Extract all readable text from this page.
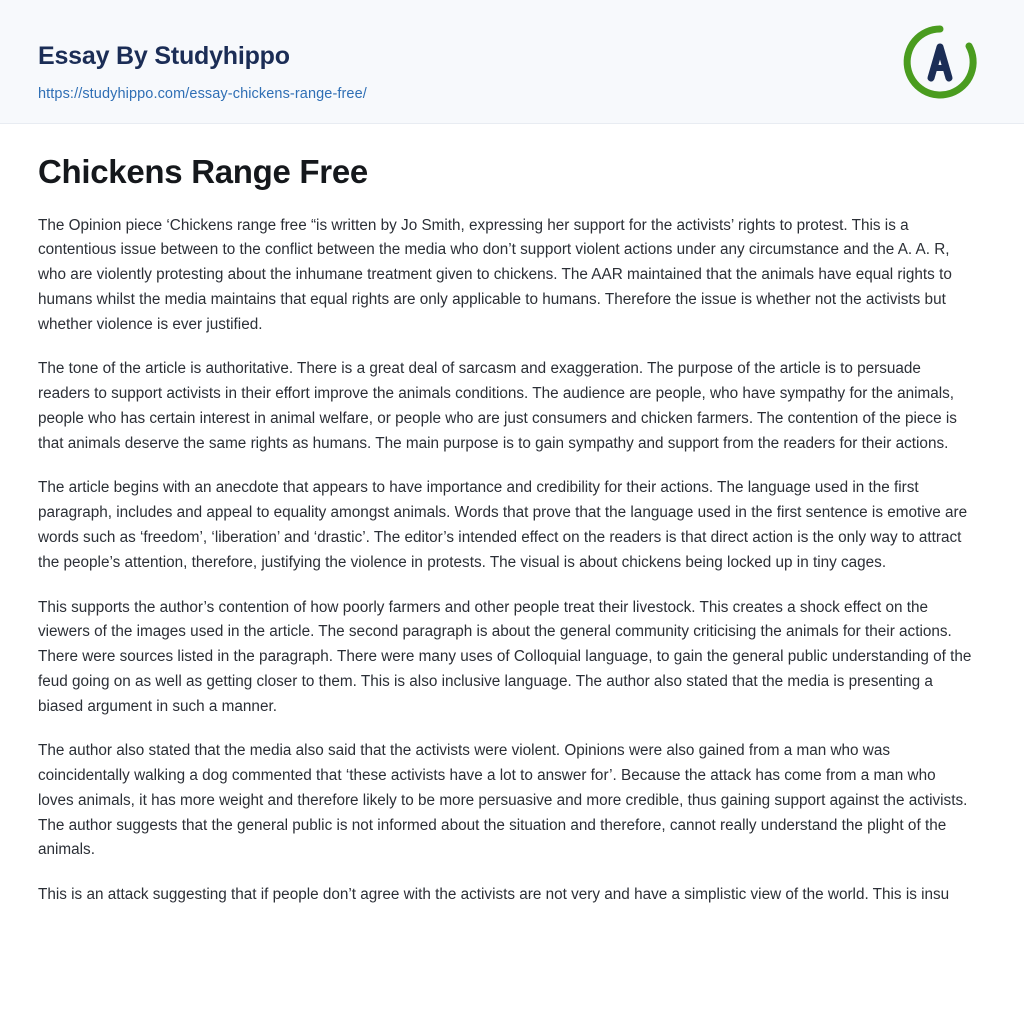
Essay By Studyhippo
https://studyhippo.com/essay-chickens-range-free/
Chickens Range Free

The Opinion piece ‘Chickens range free “is written by Jo Smith, expressing her support for the activists’ rights to protest. This is a contentious issue between to the conflict between the media who don’t support violent actions under any circumstance and the A. A. R, who are violently protesting about the inhumane treatment given to chickens. The AAR maintained that the animals have equal rights to humans whilst the media maintains that equal rights are only applicable to humans. Therefore the issue is whether not the activists but whether violence is ever justified.

The tone of the article is authoritative. There is a great deal of sarcasm and exaggeration. The purpose of the article is to persuade readers to support activists in their effort improve the animals conditions. The audience are people, who have sympathy for the animals, people who has certain interest in animal welfare, or people who are just consumers and chicken farmers. The contention of the piece is that animals deserve the same rights as humans. The main purpose is to gain sympathy and support from the readers for their actions.

The article begins with an anecdote that appears to have importance and credibility for their actions. The language used in the first paragraph, includes and appeal to equality amongst animals. Words that prove that the language used in the first sentence is emotive are words such as ‘freedom’, ‘liberation’ and ‘drastic’. The editor’s intended effect on the readers is that direct action is the only way to attract the people’s attention, therefore, justifying the violence in protests. The visual is about chickens being locked up in tiny cages.

This supports the author’s contention of how poorly farmers and other people treat their livestock. This creates a shock effect on the viewers of the images used in the article. The second paragraph is about the general community criticising the animals for their actions. There were sources listed in the paragraph. There were many uses of Colloquial language, to gain the general public understanding of the feud going on as well as getting closer to them. This is also inclusive language. The author also stated that the media is presenting a biased argument in such a manner.

The author also stated that the media also said that the activists were violent. Opinions were also gained from a man who was coincidentally walking a dog commented that ‘these activists have a lot to answer for’. Because the attack has come from a man who loves animals, it has more weight and therefore likely to be more persuasive and more credible, thus gaining support against the activists. The author suggests that the general public is not informed about the situation and therefore, cannot really understand the plight of the animals.

This is an attack suggesting that if people don’t agree with the activists are not very and have a simplistic view of the world. This is insu
